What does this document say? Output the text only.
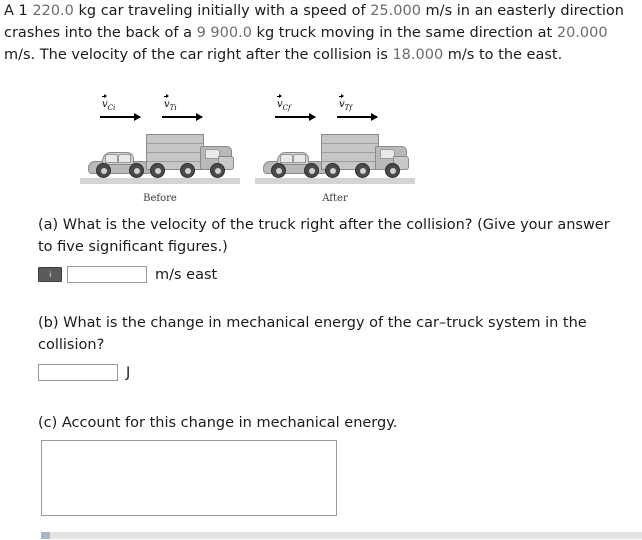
A 1 220.0 kg car traveling initially with a speed of 25.000 m/s in an easterly direction crashes into the back of a 9 900.0 kg truck moving in the same direction at 20.000 m/s. The velocity of the car right after the collision is 18.000 m/s to the east.
$v_{Ci}$	$v_{Ti}$
Before
$v_{Cf}$	$v_{Tf}$
After
(a) What is the velocity of the truck right after the collision? (Give your answer to five significant figures.)
i	m/s east
(b) What is the change in mechanical energy of the car–truck system in the collision?
J
(c) Account for this change in mechanical energy.
